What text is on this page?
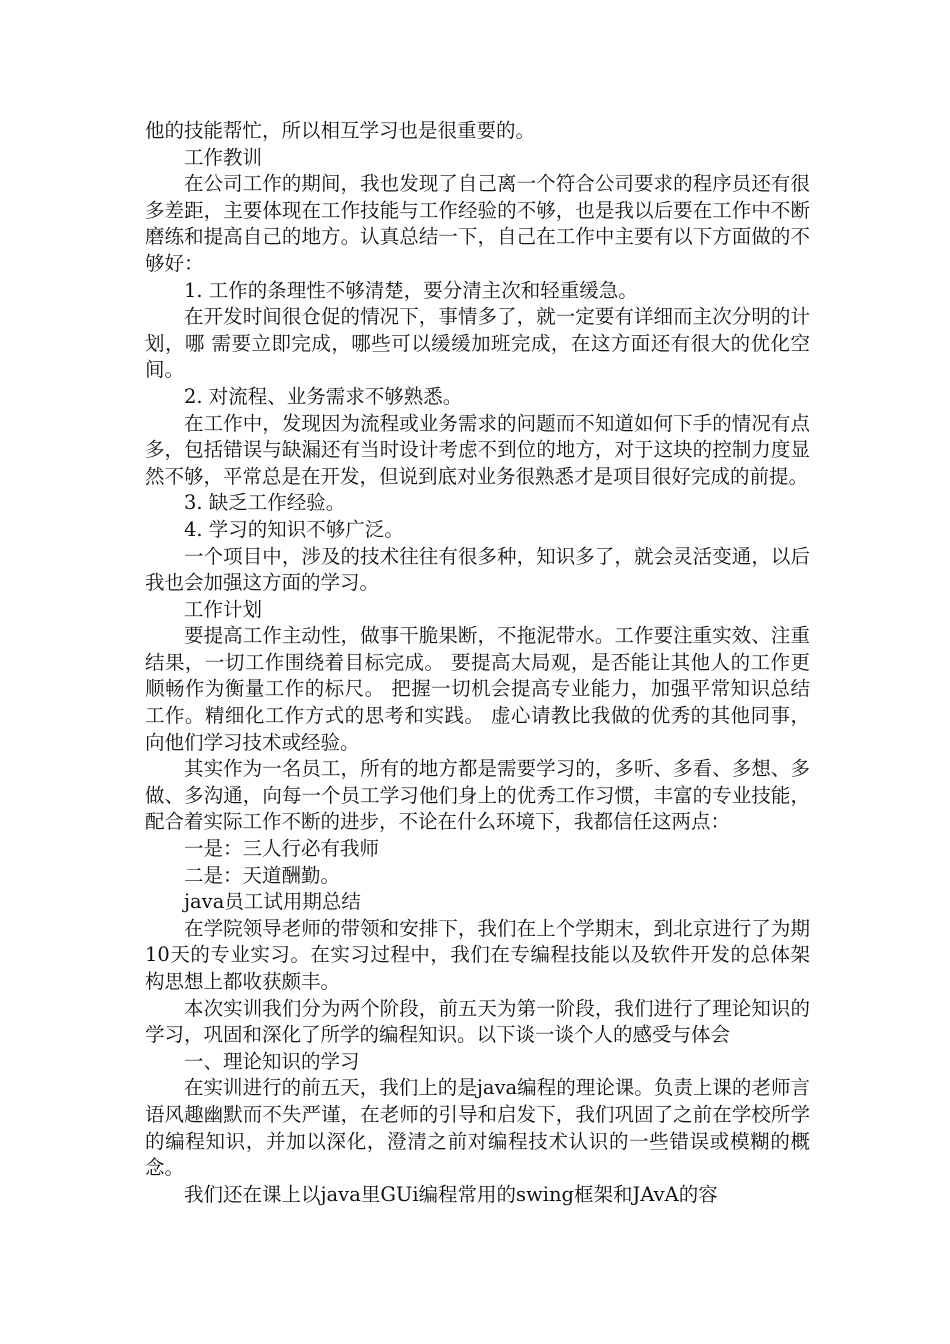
他的技能帮忙，所以相互学习也是很重要的。

工作教训

在公司工作的期间，我也发现了自己离一个符合公司要求的程序员还有很多差距，主要体现在工作技能与工作经验的不够，也是我以后要在工作中不断磨练和提高自己的地方。认真总结一下，自己在工作中主要有以下方面做的不够好：

1. 工作的条理性不够清楚，要分清主次和轻重缓急。

在开发时间很仓促的情况下，事情多了，就一定要有详细而主次分明的计划，哪 需要立即完成，哪些可以缓缓加班完成，在这方面还有很大的优化空间。

2. 对流程、业务需求不够熟悉。

在工作中，发现因为流程或业务需求的问题而不知道如何下手的情况有点多，包括错误与缺漏还有当时设计考虑不到位的地方，对于这块的控制力度显然不够，平常总是在开发，但说到底对业务很熟悉才是项目很好完成的前提。

3. 缺乏工作经验。

4. 学习的知识不够广泛。

一个项目中，涉及的技术往往有很多种，知识多了，就会灵活变通，以后我也会加强这方面的学习。

工作计划

要提高工作主动性，做事干脆果断，不拖泥带水。工作要注重实效、注重结果，一切工作围绕着目标完成。 要提高大局观，是否能让其他人的工作更顺畅作为衡量工作的标尺。 把握一切机会提高专业能力，加强平常知识总结工作。精细化工作方式的思考和实践。 虚心请教比我做的优秀的其他同事，向他们学习技术或经验。

其实作为一名员工，所有的地方都是需要学习的，多听、多看、多想、多做、多沟通，向每一个员工学习他们身上的优秀工作习惯，丰富的专业技能，配合着实际工作不断的进步，不论在什么环境下，我都信任这两点：

一是：三人行必有我师

二是：天道酬勤。

java员工试用期总结

在学院领导老师的带领和安排下，我们在上个学期末，到北京进行了为期10天的专业实习。在实习过程中，我们在专编程技能以及软件开发的总体架构思想上都收获颇丰。

本次实训我们分为两个阶段，前五天为第一阶段，我们进行了理论知识的学习，巩固和深化了所学的编程知识。以下谈一谈个人的感受与体会

一、理论知识的学习

在实训进行的前五天，我们上的是java编程的理论课。负责上课的老师言语风趣幽默而不失严谨，在老师的引导和启发下，我们巩固了之前在学校所学的编程知识，并加以深化，澄清之前对编程技术认识的一些错误或模糊的概念。

我们还在课上以java里GUi编程常用的swing框架和JAvA的容
